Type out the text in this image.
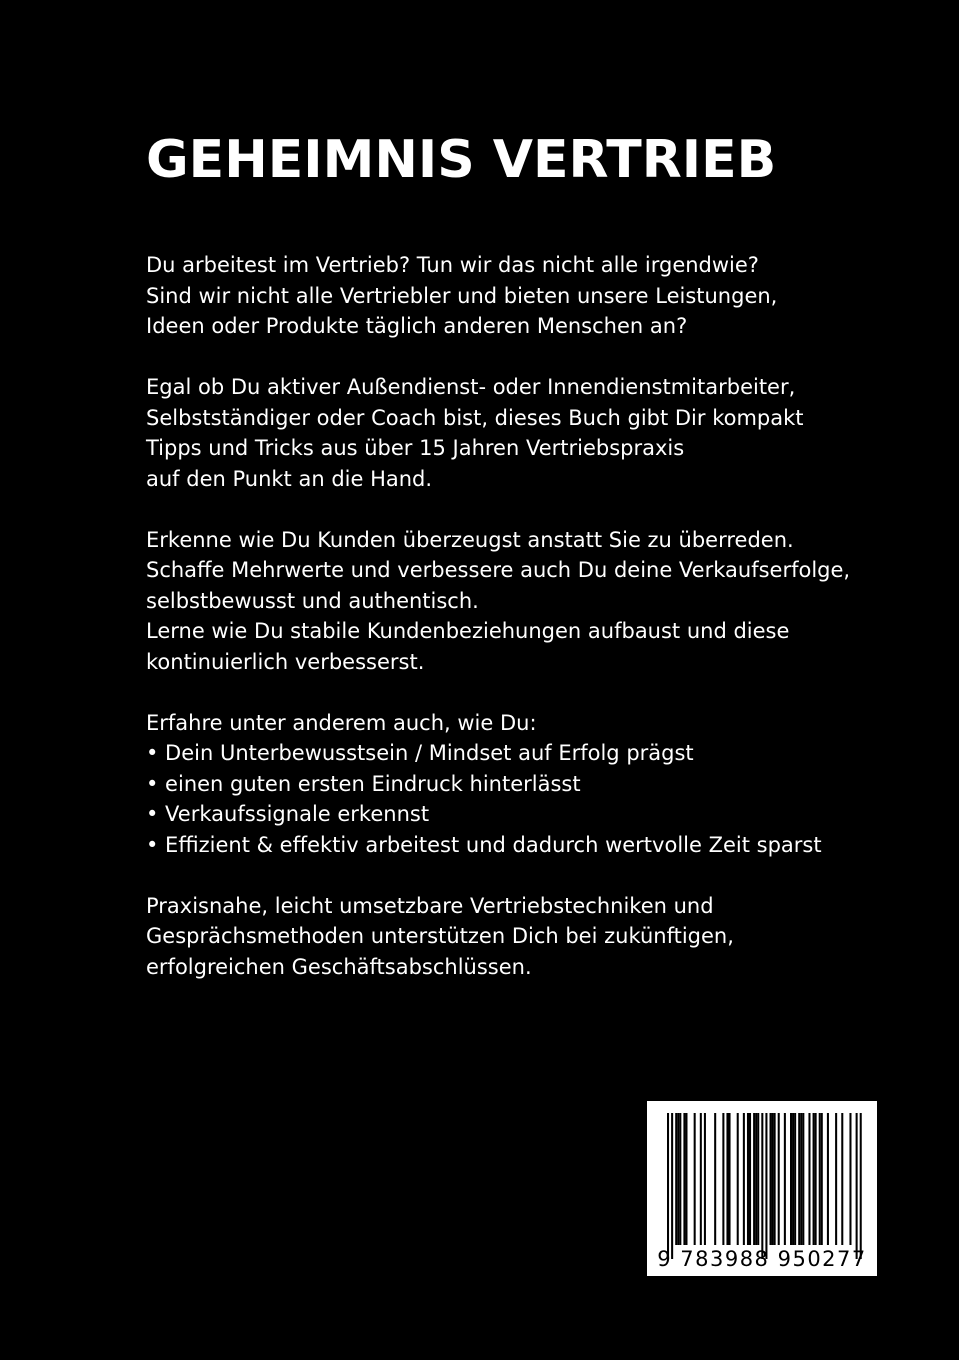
GEHEIMNIS VERTRIEB

Du arbeitest im Vertrieb? Tun wir das nicht alle irgendwie?
Sind wir nicht alle Vertriebler und bieten unsere Leistungen,
Ideen oder Produkte täglich anderen Menschen an?

Egal ob Du aktiver Außendienst- oder Innendienstmitarbeiter,
Selbstständiger oder Coach bist, dieses Buch gibt Dir kompakt
Tipps und Tricks aus über 15 Jahren Vertriebspraxis
auf den Punkt an die Hand.

Erkenne wie Du Kunden überzeugst anstatt Sie zu überreden.
Schaffe Mehrwerte und verbessere auch Du deine Verkaufserfolge,
selbstbewusst und authentisch.
Lerne wie Du stabile Kundenbeziehungen aufbaust und diese
kontinuierlich verbesserst.

Erfahre unter anderem auch, wie Du:
• Dein Unterbewusstsein / Mindset auf Erfolg prägst
• einen guten ersten Eindruck hinterlässt
• Verkaufssignale erkennst
• Effizient & effektiv arbeitest und dadurch wertvolle Zeit sparst

Praxisnahe, leicht umsetzbare Vertriebstechniken und
Gesprächsmethoden unterstützen Dich bei zukünftigen,
erfolgreichen Geschäftsabschlüssen.

9 783988 950277
